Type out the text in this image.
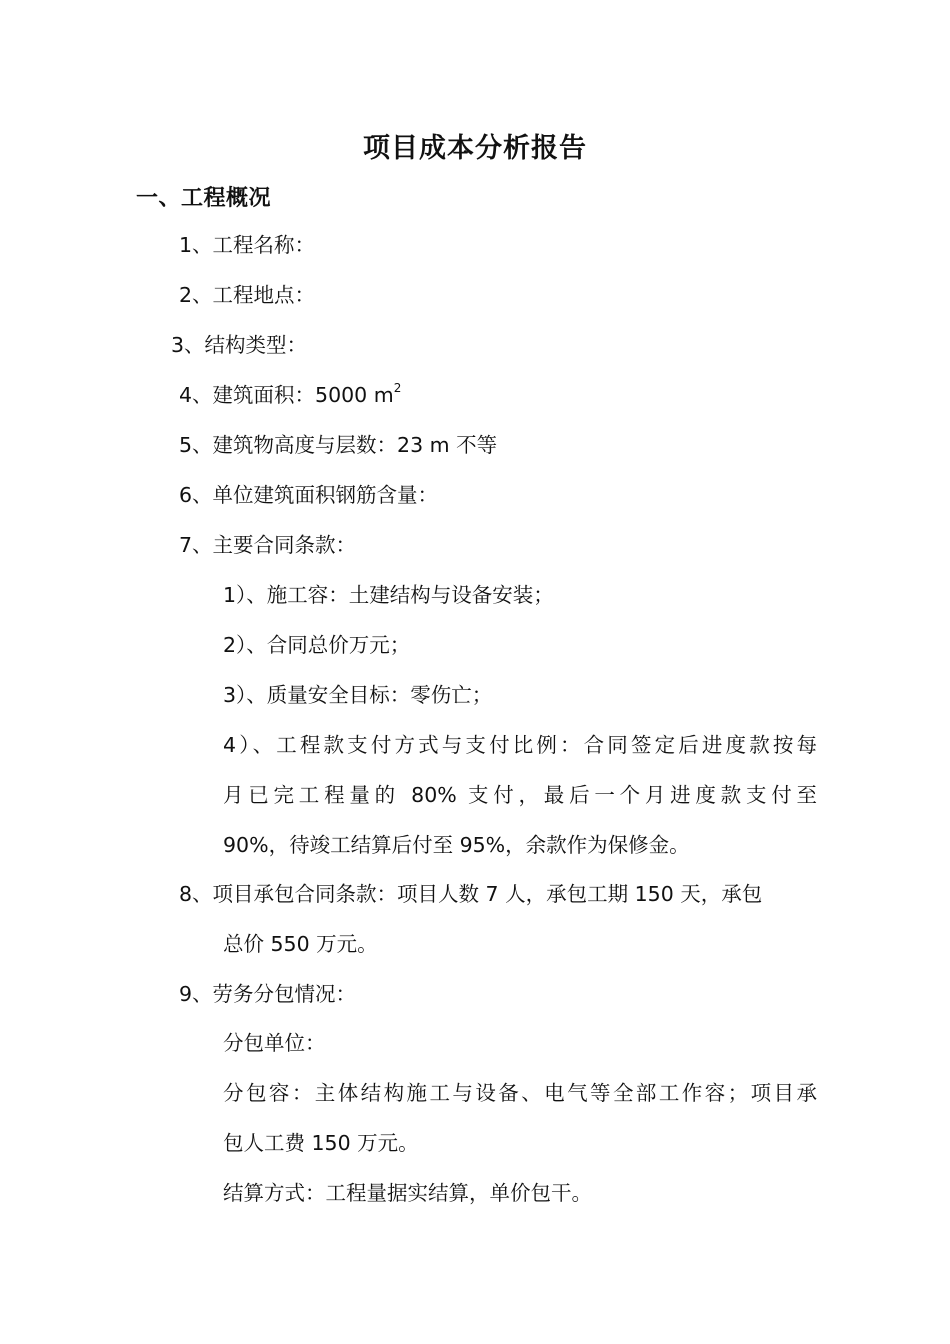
项目成本分析报告
一、工程概况
1、工程名称：
2、工程地点：
3、结构类型：
4、建筑面积：5000 $m^2$
5、建筑物高度与层数：23 m 不等
6、单位建筑面积钢筋含量：
7、主要合同条款：
1）、施工容：土建结构与设备安装；
2）、合同总价万元；
3）、质量安全目标：零伤亡；
4）、工程款支付方式与支付比例：合同签定后进度款按每
月已完工程量的 80% 支付，最后一个月进度款支付至
90%，待竣工结算后付至 95%，余款作为保修金。
8、项目承包合同条款：项目人数 7 人，承包工期 150 天，承包
总价 550 万元。
9、劳务分包情况：
分包单位：
分包容：主体结构施工与设备、电气等全部工作容；项目承
包人工费 150 万元。
结算方式：工程量据实结算，单价包干。
